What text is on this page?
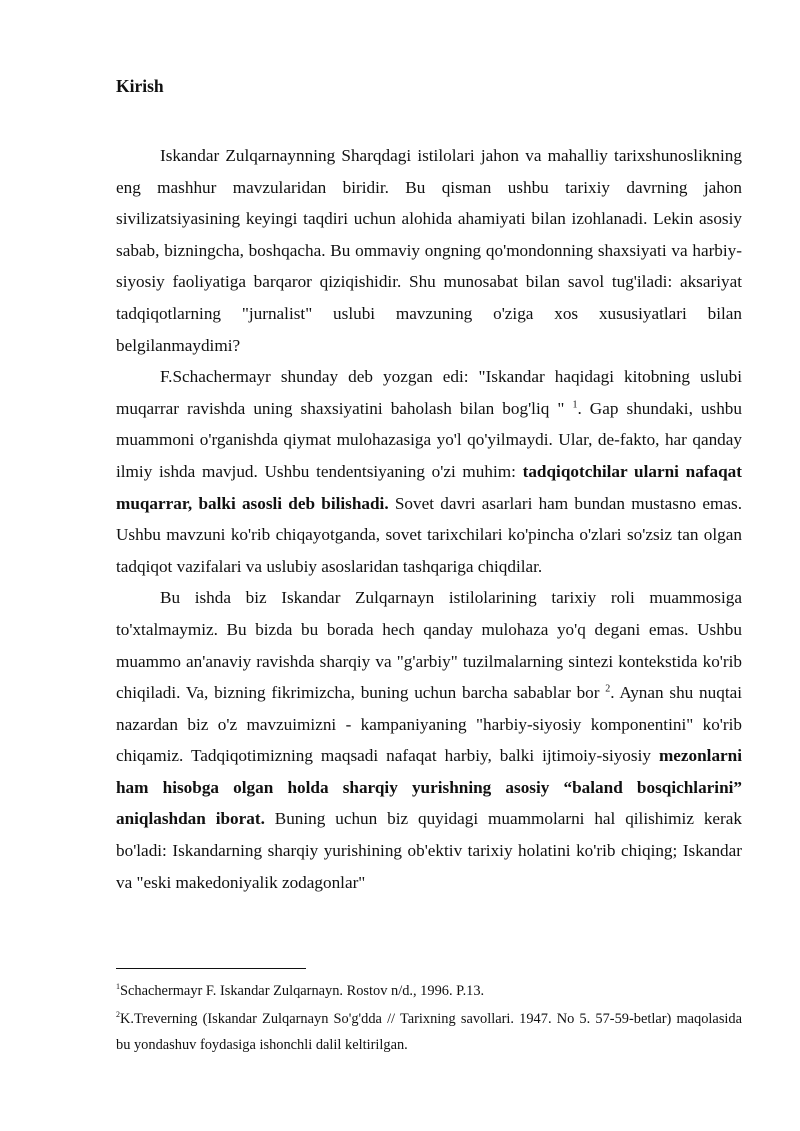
Kirish

Iskandar Zulqarnaynning Sharqdagi istilolari jahon va mahalliy tarixshunoslikning eng mashhur mavzularidan biridir. Bu qisman ushbu tarixiy davrning jahon sivilizatsiyasining keyingi taqdiri uchun alohida ahamiyati bilan izohlanadi. Lekin asosiy sabab, bizningcha, boshqacha. Bu ommaviy ongning qo'mondonning shaxsiyati va harbiy-siyosiy faoliyatiga barqaror qiziqishidir. Shu munosabat bilan savol tug'iladi: aksariyat tadqiqotlarning "jurnalist" uslubi mavzuning o'ziga xos xususiyatlari bilan belgilanmaydimi?

F.Schachermayr shunday deb yozgan edi: "Iskandar haqidagi kitobning uslubi muqarrar ravishda uning shaxsiyatini baholash bilan bog'liq " $^1$. Gap shundaki, ushbu muammoni o'rganishda qiymat mulohazasiga yo'l qo'yilmaydi. Ular, de-fakto, har qanday ilmiy ishda mavjud. Ushbu tendentsiyaning o'zi muhim: tadqiqotchilar ularni nafaqat muqarrar, balki asosli deb bilishadi. Sovet davri asarlari ham bundan mustasno emas. Ushbu mavzuni ko'rib chiqayotganda, sovet tarixchilari ko'pincha o'zlari so'zsiz tan olgan tadqiqot vazifalari va uslubiy asoslaridan tashqariga chiqdilar.

Bu ishda biz Iskandar Zulqarnayn istilolarining tarixiy roli muammosiga to'xtalmaymiz. Bu bizda bu borada hech qanday mulohaza yo'q degani emas. Ushbu muammo an'anaviy ravishda sharqiy va "g'arbiy" tuzilmalarning sintezi kontekstida ko'rib chiqiladi. Va, bizning fikrimizcha, buning uchun barcha sabablar bor $^2$. Aynan shu nuqtai nazardan biz o'z mavzuimizni - kampaniyaning "harbiy-siyosiy komponentini" ko'rib chiqamiz. Tadqiqotimizning maqsadi nafaqat harbiy, balki ijtimoiy-siyosiy mezonlarni ham hisobga olgan holda sharqiy yurishning asosiy “baland bosqichlarini” aniqlashdan iborat. Buning uchun biz quyidagi muammolarni hal qilishimiz kerak bo'ladi: Iskandarning sharqiy yurishining ob'ektiv tarixiy holatini ko'rib chiqing; Iskandar va "eski makedoniyalik zodagonlar"

$^1$Schachermayr F. Iskandar Zulqarnayn. Rostov n/d., 1996. P.13.

$^2$K.Treverning (Iskandar Zulqarnayn So'g'dda // Tarixning savollari. 1947. No 5. 57-59-betlar) maqolasida bu yondashuv foydasiga ishonchli dalil keltirilgan.
